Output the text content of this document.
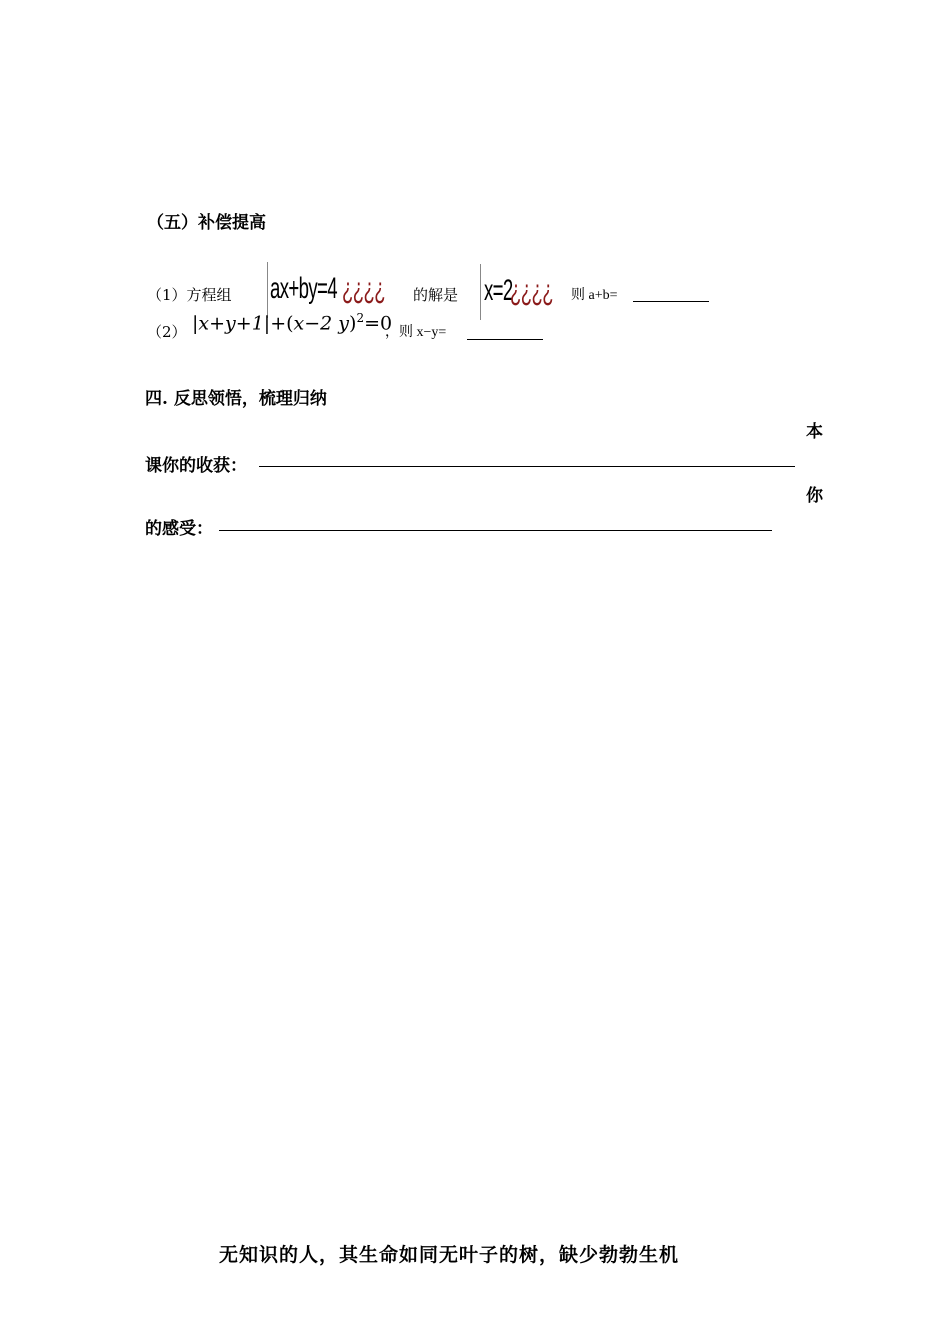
（五）补偿提高
（1）方程组 ax+by=4 ¿¿¿¿	的解是 x=2
¿¿¿¿	则 a+b=
（2） |x+y+1|+(x−2 y)$^2$=0
，则 x−y=
四. 反思领悟，梳理归纳
本
课你的收获：
你
的感受：
无知识的人，其生命如同无叶子的树，缺少勃勃生机
